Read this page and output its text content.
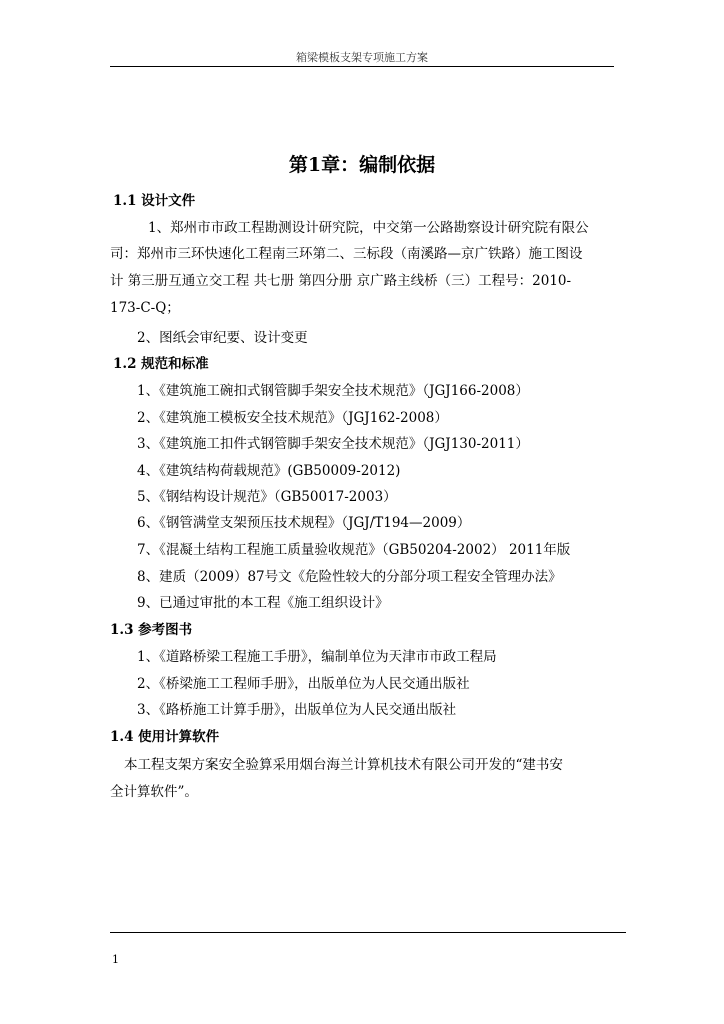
箱梁模板支架专项施工方案
第1章：编制依据
1.1 设计文件
1、郑州市市政工程勘测设计研究院，中交第一公路勘察设计研究院有限公
司：郑州市三环快速化工程南三环第二、三标段（南溪路—京广铁路）施工图设
计 第三册互通立交工程 共七册 第四分册 京广路主线桥（三）工程号：2010-
173-C-Q；
2、图纸会审纪要、设计变更
1.2 规范和标准
1、《建筑施工碗扣式钢管脚手架安全技术规范》（JGJ166-2008）
2、《建筑施工模板安全技术规范》（JGJ162-2008）
3、《建筑施工扣件式钢管脚手架安全技术规范》（JGJ130-2011）
4、《建筑结构荷载规范》(GB50009-2012)
5、《钢结构设计规范》（GB50017-2003）
6、《钢管满堂支架预压技术规程》（JGJ/T194—2009）
7、《混凝土结构工程施工质量验收规范》（GB50204-2002） 2011年版
8、建质（2009）87号文《危险性较大的分部分项工程安全管理办法》
9、已通过审批的本工程《施工组织设计》
1.3 参考图书
1、《道路桥梁工程施工手册》，编制单位为天津市市政工程局
2、《桥梁施工工程师手册》，出版单位为人民交通出版社
3、《路桥施工计算手册》，出版单位为人民交通出版社
1.4 使用计算软件
本工程支架方案安全验算采用烟台海兰计算机技术有限公司开发的“建书安
全计算软件”。
1
